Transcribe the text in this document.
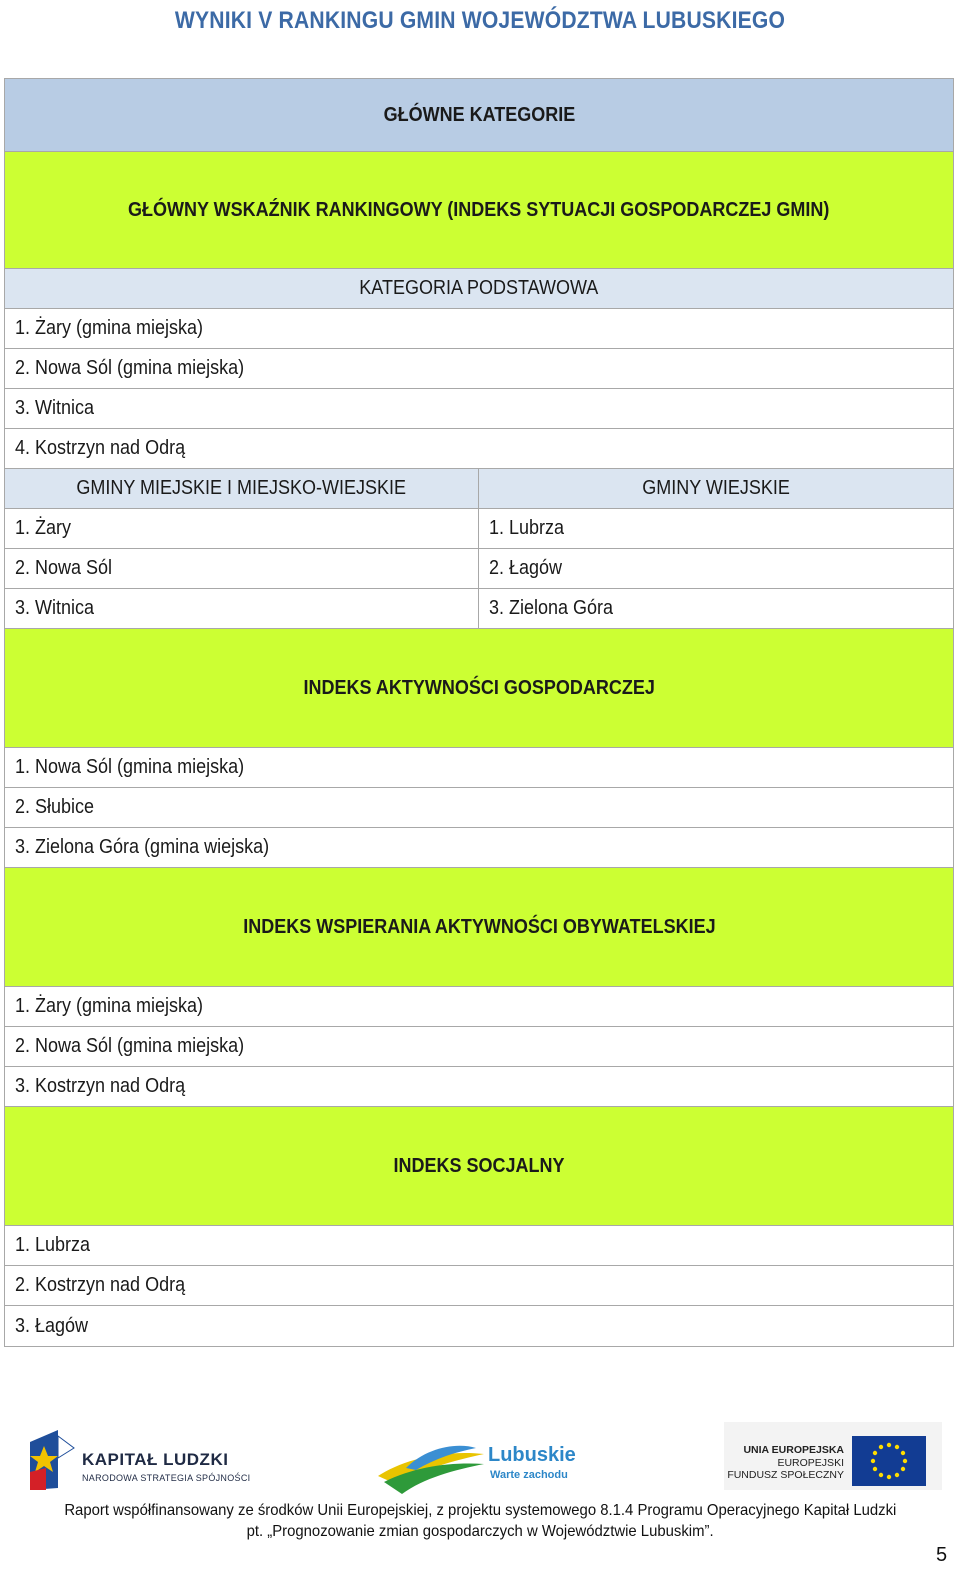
WYNIKI V RANKINGU GMIN WOJEWÓDZTWA LUBUSKIEGO
GŁÓWNE KATEGORIE
GŁÓWNY WSKAŹNIK RANKINGOWY (INDEKS SYTUACJI GOSPODARCZEJ GMIN)
KATEGORIA PODSTAWOWA
1. Żary (gmina miejska)
2. Nowa Sól (gmina miejska)
3. Witnica
4. Kostrzyn nad Odrą
GMINY MIEJSKIE I MIEJSKO-WIEJSKIE	GMINY WIEJSKIE
1. Żary	1. Lubrza
2. Nowa Sól	2. Łagów
3. Witnica	3. Zielona Góra
INDEKS AKTYWNOŚCI GOSPODARCZEJ
1. Nowa Sól (gmina miejska)
2. Słubice
3. Zielona Góra (gmina wiejska)
INDEKS WSPIERANIA AKTYWNOŚCI OBYWATELSKIEJ
1. Żary (gmina miejska)
2. Nowa Sól (gmina miejska)
3. Kostrzyn nad Odrą
INDEKS SOCJALNY
1. Lubrza
2. Kostrzyn nad Odrą
3. Łagów
KAPITAŁ LUDZKI
NARODOWA STRATEGIA SPÓJNOŚCI
Lubuskie
Warte zachodu
UNIA EUROPEJSKA
EUROPEJSKI
FUNDUSZ SPOŁECZNY
Raport współfinansowany ze środków Unii Europejskiej, z projektu systemowego 8.1.4 Programu Operacyjnego Kapitał Ludzki
pt. „Prognozowanie zmian gospodarczych w Województwie Lubuskim”.
5
